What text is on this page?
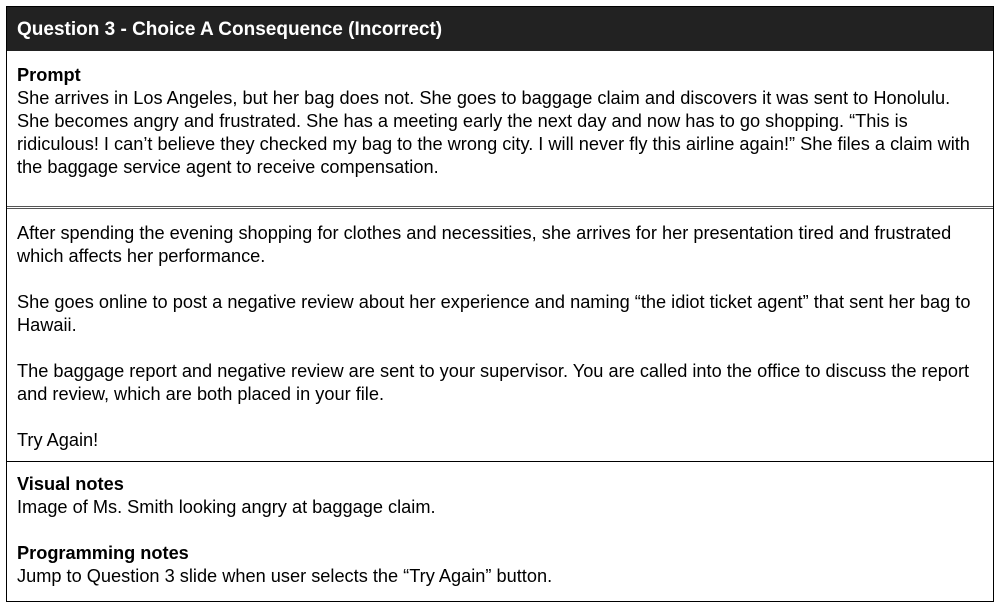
Question 3 - Choice A Consequence (Incorrect)

Prompt

She arrives in Los Angeles, but her bag does not. She goes to baggage claim and discovers it was sent to Honolulu. She becomes angry and frustrated. She has a meeting early the next day and now has to go shopping. “This is ridiculous! I can’t believe they checked my bag to the wrong city. I will never fly this airline again!” She files a claim with the baggage service agent to receive compensation.

After spending the evening shopping for clothes and necessities, she arrives for her presentation tired and frustrated which affects her performance.

She goes online to post a negative review about her experience and naming “the idiot ticket agent” that sent her bag to Hawaii.

The baggage report and negative review are sent to your supervisor. You are called into the office to discuss the report and review, which are both placed in your file.

Try Again!

Visual notes

Image of Ms. Smith looking angry at baggage claim.

Programming notes

Jump to Question 3 slide when user selects the “Try Again” button.
